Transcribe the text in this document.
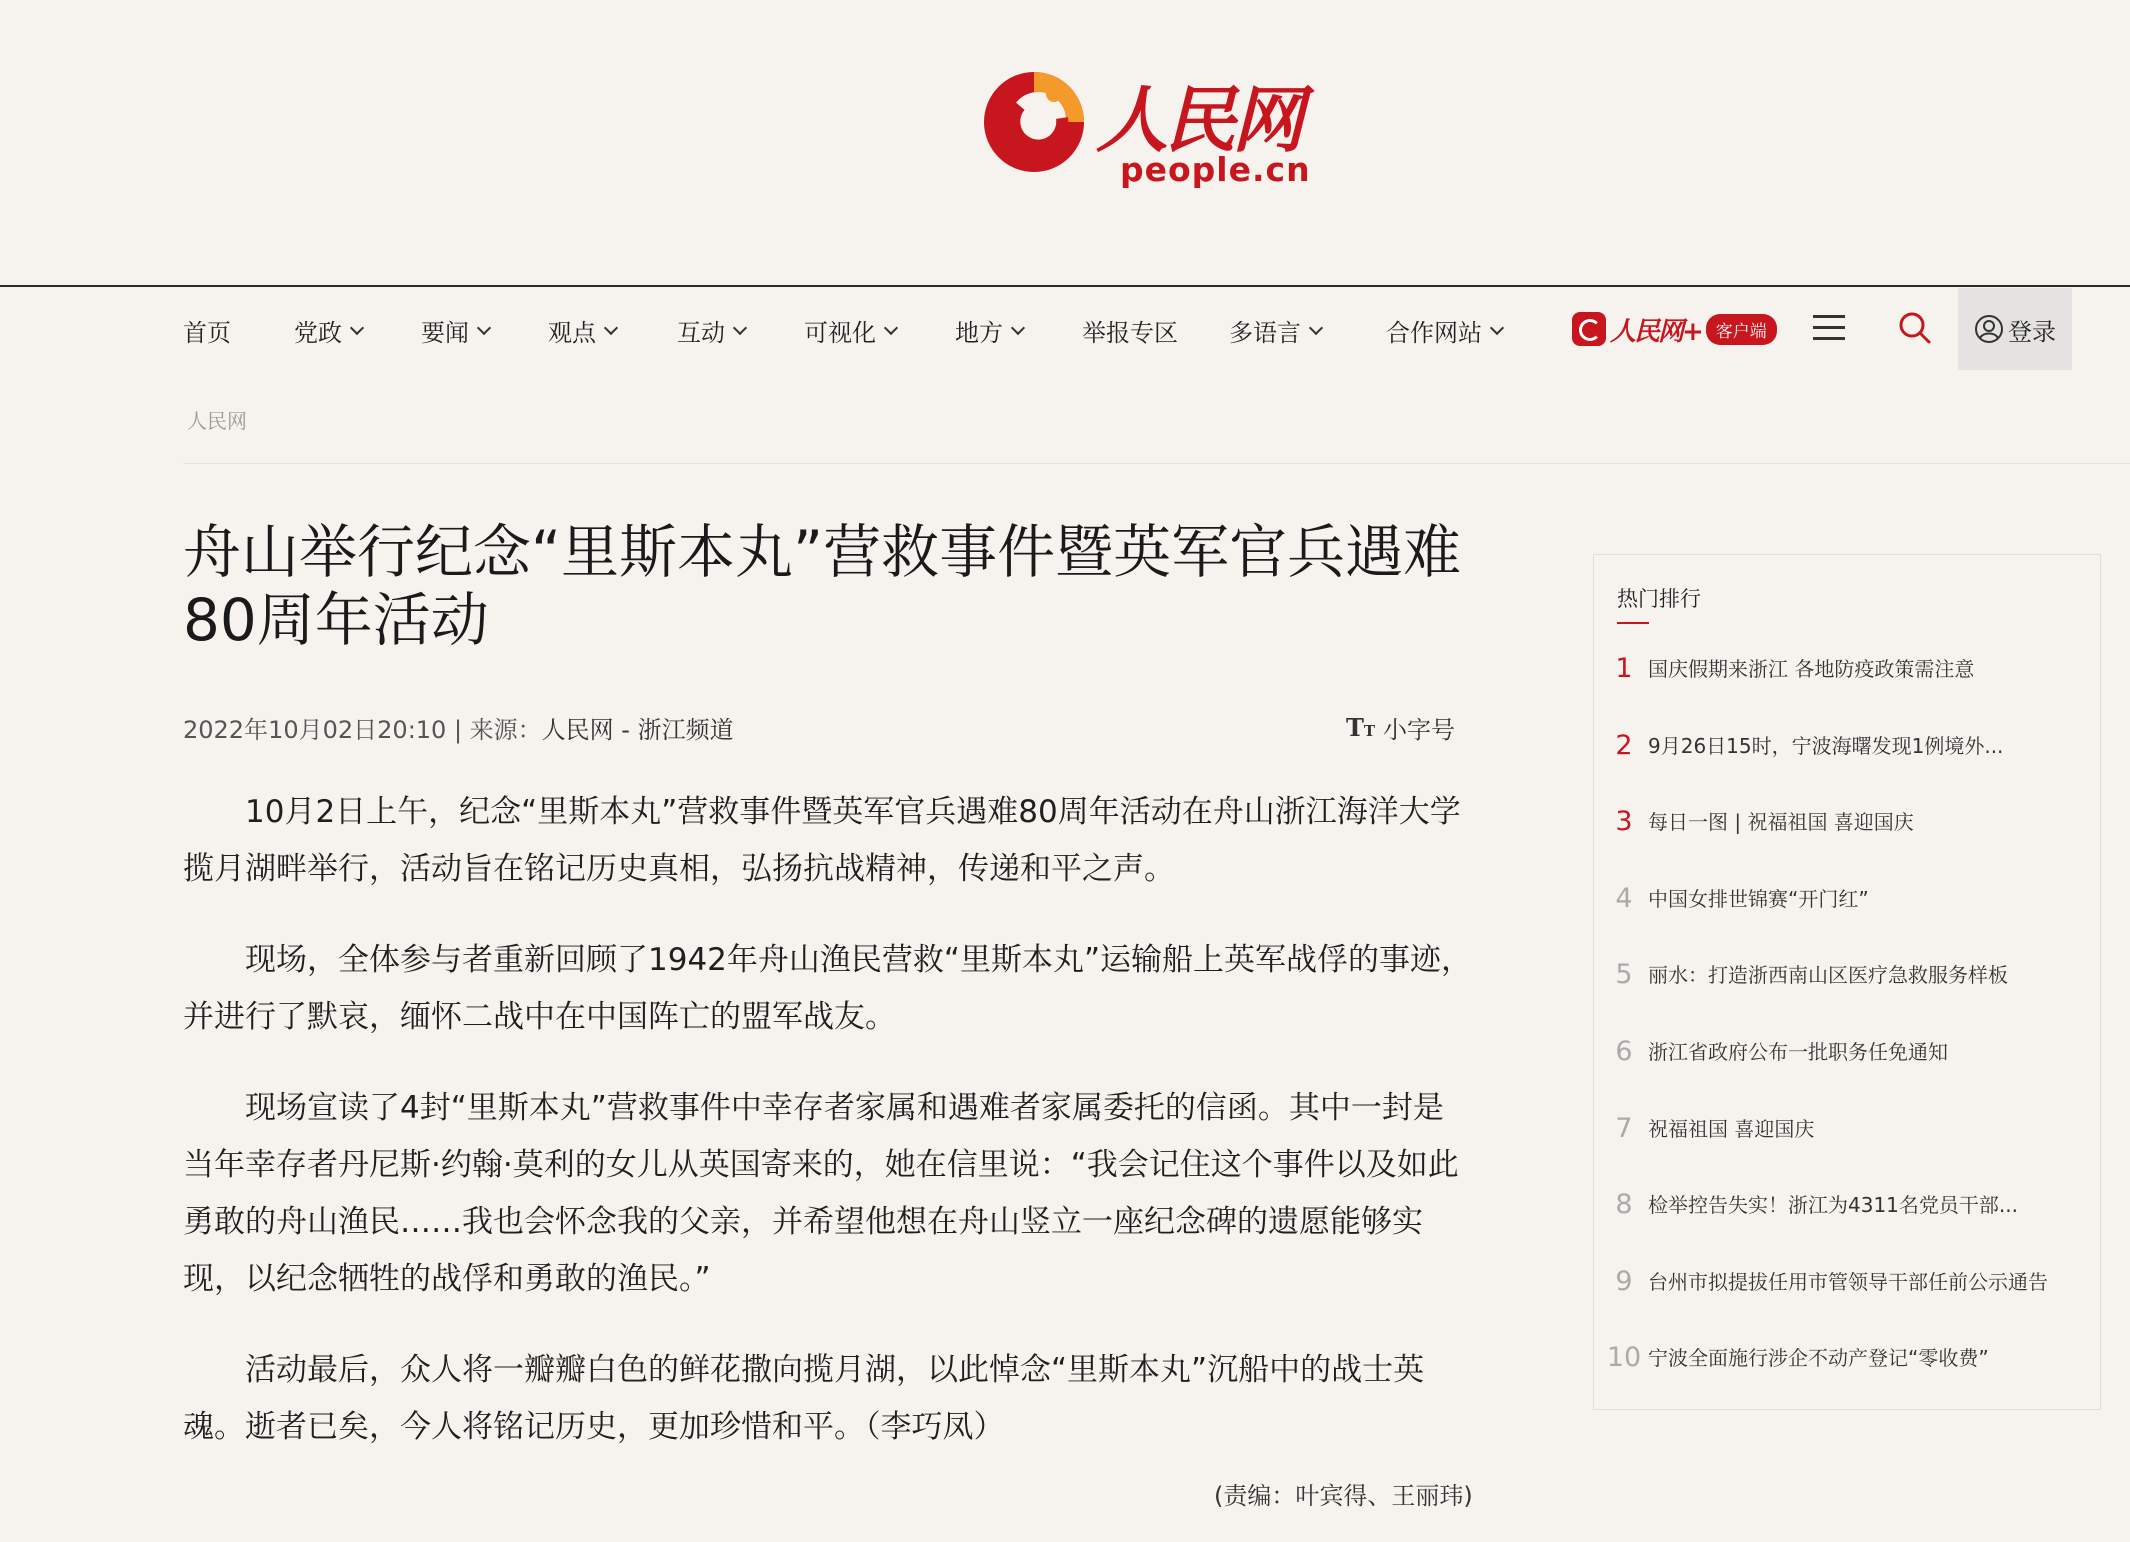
人民网
people.cn
首页	党政	要闻	观点	互动	可视化	地方	举报专区 多语言	合作网站	人民网+ 客户端	登录
人民网
舟山举行纪念“里斯本丸”营救事件暨英军官兵遇难80周年活动
2022年10月02日20:10 | 来源：人民网 - 浙江频道	TT 小字号

10月2日上午，纪念“里斯本丸”营救事件暨英军官兵遇难80周年活动在舟山浙江海洋大学揽月湖畔举行，活动旨在铭记历史真相，弘扬抗战精神，传递和平之声。

现场，全体参与者重新回顾了1942年舟山渔民营救“里斯本丸”运输船上英军战俘的事迹，并进行了默哀，缅怀二战中在中国阵亡的盟军战友。

现场宣读了4封“里斯本丸”营救事件中幸存者家属和遇难者家属委托的信函。其中一封是当年幸存者丹尼斯·约翰·莫利的女儿从英国寄来的，她在信里说：“我会记住这个事件以及如此勇敢的舟山渔民……我也会怀念我的父亲，并希望他想在舟山竖立一座纪念碑的遗愿能够实现，以纪念牺牲的战俘和勇敢的渔民。”

活动最后，众人将一瓣瓣白色的鲜花撒向揽月湖，以此悼念“里斯本丸”沉船中的战士英魂。逝者已矣，今人将铭记历史，更加珍惜和平。（李巧凤）

(责编：叶宾得、王丽玮)
热门排行
1 国庆假期来浙江 各地防疫政策需注意
2 9月26日15时，宁波海曙发现1例境外...
3 每日一图 | 祝福祖国 喜迎国庆
4 中国女排世锦赛“开门红”
5 丽水：打造浙西南山区医疗急救服务样板
6 浙江省政府公布一批职务任免通知
7 祝福祖国 喜迎国庆
8 检举控告失实！浙江为4311名党员干部...
9 台州市拟提拔任用市管领导干部任前公示通告
10 宁波全面施行涉企不动产登记“零收费”
